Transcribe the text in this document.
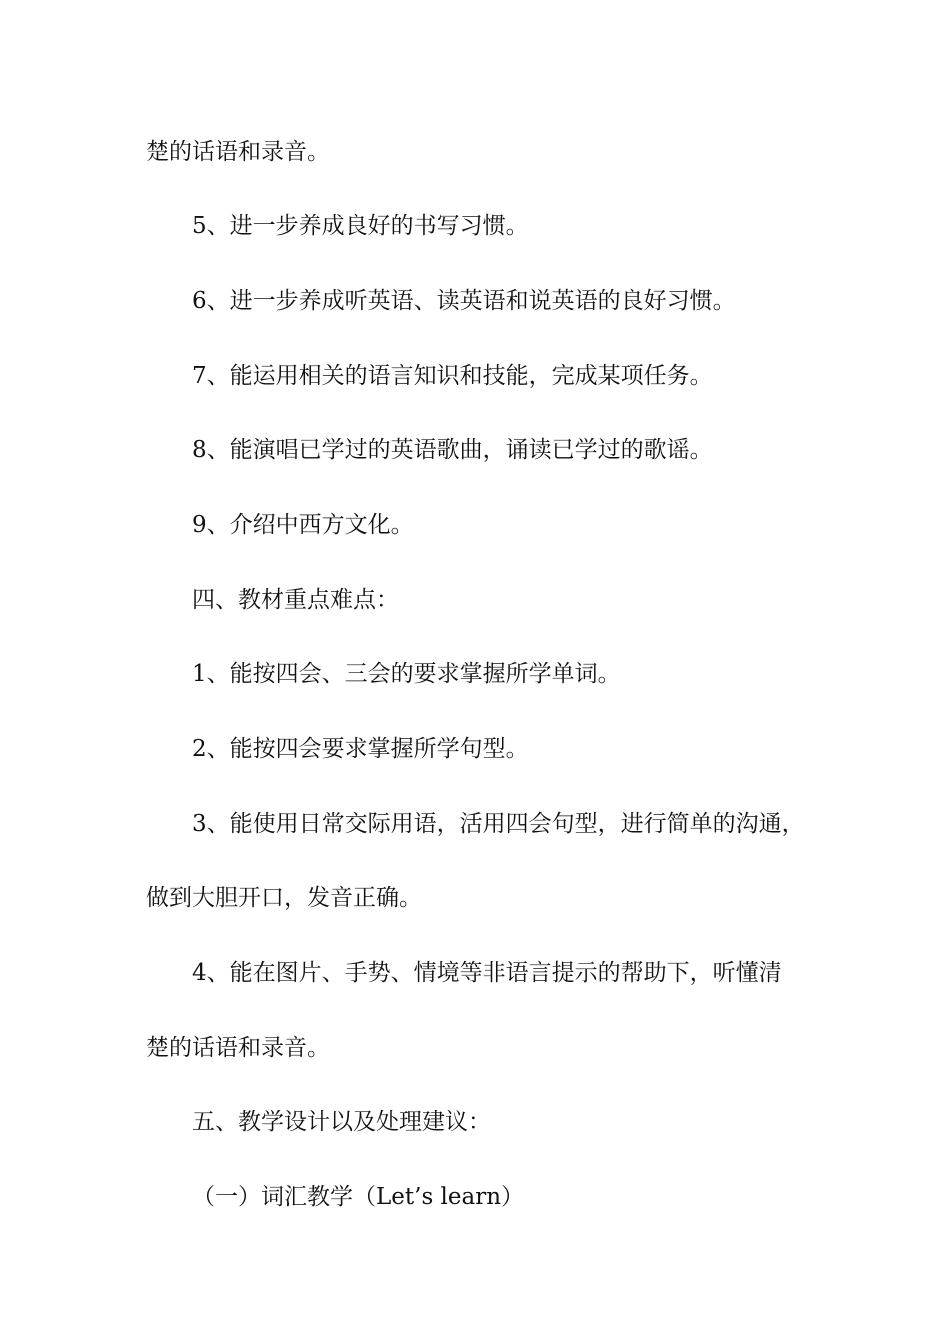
楚的话语和录音。
5、进一步养成良好的书写习惯。
6、进一步养成听英语、读英语和说英语的良好习惯。
7、能运用相关的语言知识和技能，完成某项任务。
8、能演唱已学过的英语歌曲，诵读已学过的歌谣。
9、介绍中西方文化。
四、教材重点难点：
1、能按四会、三会的要求掌握所学单词。
2、能按四会要求掌握所学句型。
3、能使用日常交际用语，活用四会句型，进行简单的沟通，
做到大胆开口，发音正确。
4、能在图片、手势、情境等非语言提示的帮助下，听懂清
楚的话语和录音。
五、教学设计以及处理建议：
（一）词汇教学（Let’s learn）
